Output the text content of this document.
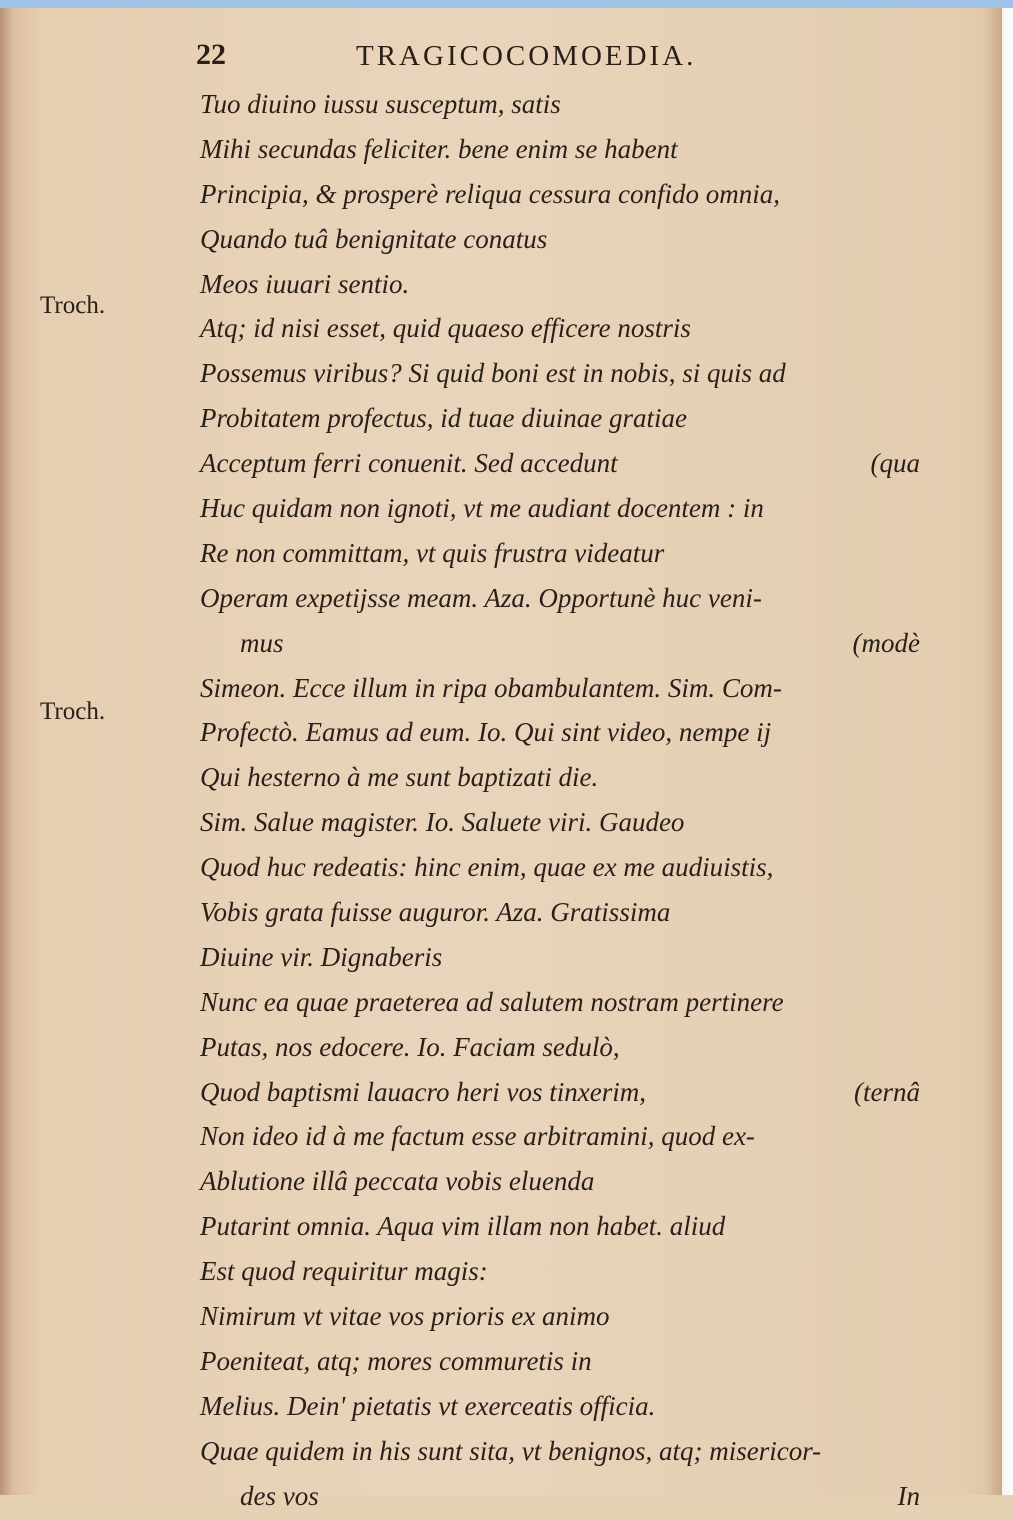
22	TRAGICOCOMOEDIA.
Troch.
Troch.
Tuo diuino iussu susceptum, satis
Mihi secundas feliciter. bene enim se habent
Principia, & prosperè reliqua cessura confido omnia,
Quando tuâ benignitate conatus
Meos iuuari sentio.
Atq; id nisi esset, quid quaeso efficere nostris
Possemus viribus? Si quid boni est in nobis, si quis ad
Probitatem profectus, id tuae diuinae gratiae
Acceptum ferri conuenit. Sed accedunt	(qua
Huc quidam non ignoti, vt me audiant docentem : in
Re non committam, vt quis frustra videatur
Operam expetijsse meam. Aza. Opportunè huc veni-
mus	(modè
Simeon. Ecce illum in ripa obambulantem. Sim. Com-
Profectò. Eamus ad eum. Io. Qui sint video, nempe ij
Qui hesterno à me sunt baptizati die.
Sim. Salue magister. Io. Saluete viri. Gaudeo
Quod huc redeatis: hinc enim, quae ex me audiuistis,
Vobis grata fuisse auguror. Aza. Gratissima
Diuine vir. Dignaberis
Nunc ea quae praeterea ad salutem nostram pertinere
Putas, nos edocere. Io. Faciam sedulò,
Quod baptismi lauacro heri vos tinxerim,	(ternâ
Non ideo id à me factum esse arbitramini, quod ex-
Ablutione illâ peccata vobis eluenda
Putarint omnia. Aqua vim illam non habet. aliud
Est quod requiritur magis:
Nimirum vt vitae vos prioris ex animo
Poeniteat, atq; mores commuretis in
Melius. Dein' pietatis vt exerceatis officia.
Quae quidem in his sunt sita, vt benignos, atq; misericor-
des vos	In
